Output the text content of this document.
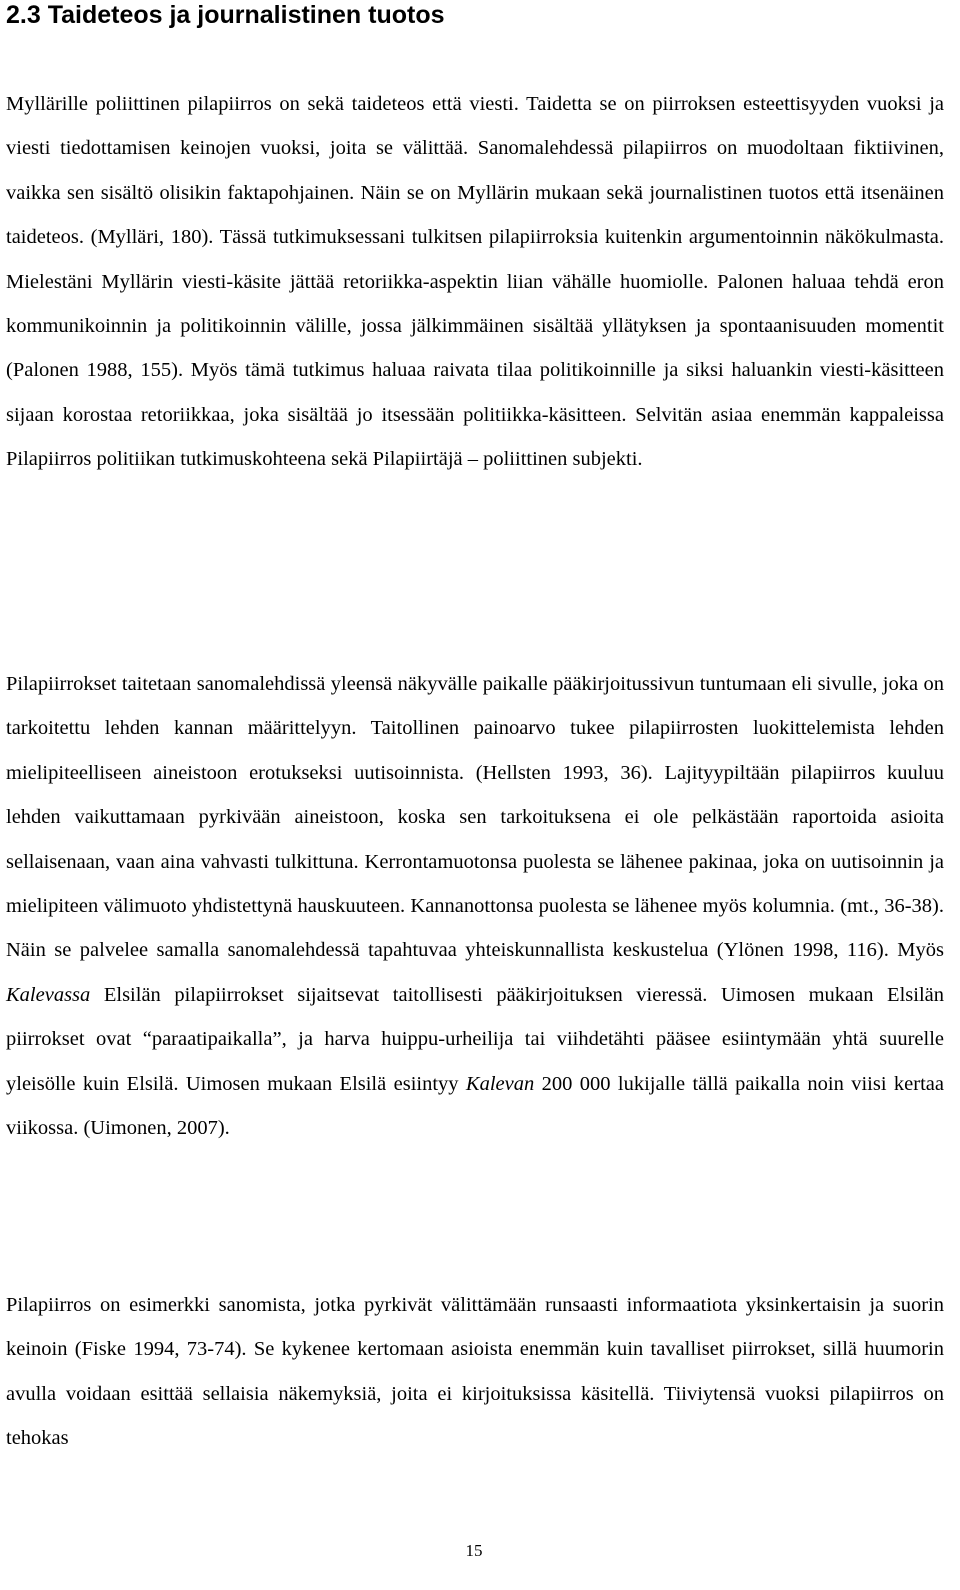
2.3 Taideteos ja journalistinen tuotos

Myllärille poliittinen pilapiirros on sekä taideteos että viesti. Taidetta se on piirroksen esteettisyyden vuoksi ja viesti tiedottamisen keinojen vuoksi, joita se välittää. Sanomalehdessä pilapiirros on muodoltaan fiktiivinen, vaikka sen sisältö olisikin faktapohjainen. Näin se on Myllärin mukaan sekä journalistinen tuotos että itsenäinen taideteos. (Mylläri, 180). Tässä tutkimuksessani tulkitsen pilapiirroksia kuitenkin argumentoinnin näkökulmasta. Mielestäni Myllärin viesti-käsite jättää retoriikka-aspektin liian vähälle huomiolle. Palonen haluaa tehdä eron kommunikoinnin ja politikoinnin välille, jossa jälkimmäinen sisältää yllätyksen ja spontaanisuuden momentit (Palonen 1988, 155). Myös tämä tutkimus haluaa raivata tilaa politikoinnille ja siksi haluankin viesti-käsitteen sijaan korostaa retoriikkaa, joka sisältää jo itsessään politiikka-käsitteen. Selvitän asiaa enemmän kappaleissa Pilapiirros politiikan tutkimuskohteena sekä Pilapiirtäjä – poliittinen subjekti.

Pilapiirrokset taitetaan sanomalehdissä yleensä näkyvälle paikalle pääkirjoitussivun tuntumaan eli sivulle, joka on tarkoitettu lehden kannan määrittelyyn. Taitollinen painoarvo tukee pilapiirrosten luokittelemista lehden mielipiteelliseen aineistoon erotukseksi uutisoinnista. (Hellsten 1993, 36). Lajityypiltään pilapiirros kuuluu lehden vaikuttamaan pyrkivään aineistoon, koska sen tarkoituksena ei ole pelkästään raportoida asioita sellaisenaan, vaan aina vahvasti tulkittuna. Kerrontamuotonsa puolesta se lähenee pakinaa, joka on uutisoinnin ja mielipiteen välimuoto yhdistettynä hauskuuteen. Kannanottonsa puolesta se lähenee myös kolumnia. (mt., 36-38). Näin se palvelee samalla sanomalehdessä tapahtuvaa yhteiskunnallista keskustelua (Ylönen 1998, 116). Myös Kalevassa Elsilän pilapiirrokset sijaitsevat taitollisesti pääkirjoituksen vieressä. Uimosen mukaan Elsilän piirrokset ovat “paraatipaikalla”, ja harva huippu-urheilija tai viihdetähti pääsee esiintymään yhtä suurelle yleisölle kuin Elsilä. Uimosen mukaan Elsilä esiintyy Kalevan 200 000 lukijalle tällä paikalla noin viisi kertaa viikossa. (Uimonen, 2007).

Pilapiirros on esimerkki sanomista, jotka pyrkivät välittämään runsaasti informaatiota yksinkertaisin ja suorin keinoin (Fiske 1994, 73-74). Se kykenee kertomaan asioista enemmän kuin tavalliset piirrokset, sillä huumorin avulla voidaan esittää sellaisia näkemyksiä, joita ei kirjoituksissa käsitellä. Tiiviytensä vuoksi pilapiirros on tehokas

15
